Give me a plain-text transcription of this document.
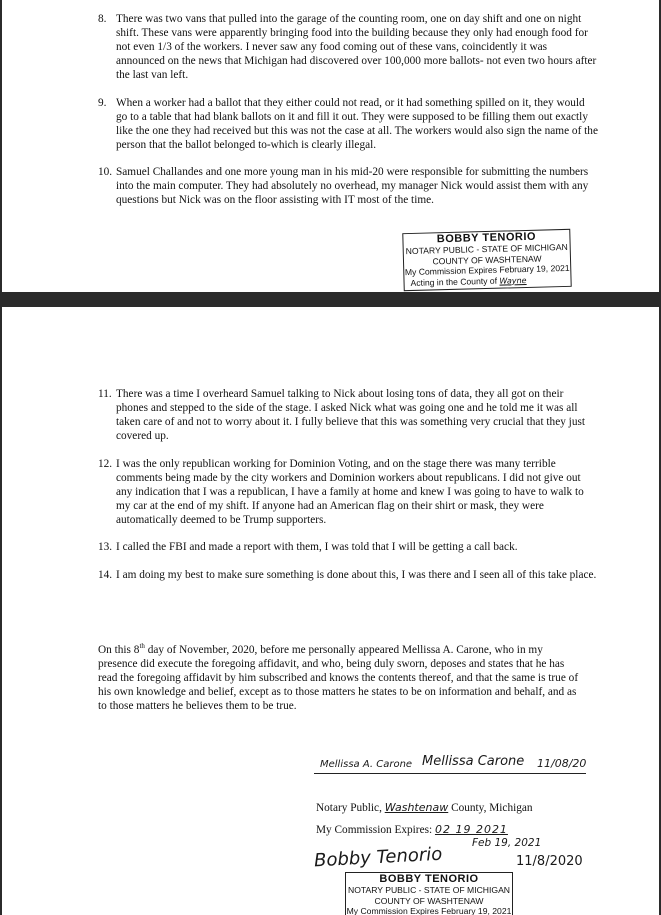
8. There was two vans that pulled into the garage of the counting room, one on day shift and one on night shift. These vans were apparently bringing food into the building because they only had enough food for not even 1/3 of the workers. I never saw any food coming out of these vans, coincidently it was announced on the news that Michigan had discovered over 100,000 more ballots- not even two hours after the last van left.
9. When a worker had a ballot that they either could not read, or it had something spilled on it, they would go to a table that had blank ballots on it and fill it out. They were supposed to be filling them out exactly like the one they had received but this was not the case at all. The workers would also sign the name of the person that the ballot belonged to-which is clearly illegal.
10. Samuel Challandes and one more young man in his mid-20 were responsible for submitting the numbers into the main computer. They had absolutely no overhead, my manager Nick would assist them with any questions but Nick was on the floor assisting with IT most of the time.
BOBBY TENORIO
NOTARY PUBLIC - STATE OF MICHIGAN
COUNTY OF WASHTENAW
My Commission Expires February 19, 2021
Acting in the County of Wayne
11. There was a time I overheard Samuel talking to Nick about losing tons of data, they all got on their phones and stepped to the side of the stage. I asked Nick what was going one and he told me it was all taken care of and not to worry about it. I fully believe that this was something very crucial that they just covered up.
12. I was the only republican working for Dominion Voting, and on the stage there was many terrible comments being made by the city workers and Dominion workers about republicans. I did not give out any indication that I was a republican, I have a family at home and knew I was going to have to walk to my car at the end of my shift. If anyone had an American flag on their shirt or mask, they were automatically deemed to be Trump supporters.
13. I called the FBI and made a report with them, I was told that I will be getting a call back.
14. I am doing my best to make sure something is done about this, I was there and I seen all of this take place.
On this 8th day of November, 2020, before me personally appeared Mellissa A. Carone, who in my presence did execute the foregoing affidavit, and who, being duly sworn, deposes and states that he has read the foregoing affidavit by him subscribed and knows the contents thereof, and that the same is true of his own knowledge and belief, except as to those matters he states to be on information and behalf, and as to those matters he believes them to be true.
Mellissa A. Carone Mellissa Carone 11/08/20
Notary Public, Washtenaw County, Michigan
My Commission Expires: 02 19 2021
Feb 19, 2021
Bobby Tenorio	11/8/2020
BOBBY TENORIO
NOTARY PUBLIC - STATE OF MICHIGAN
COUNTY OF WASHTENAW
My Commission Expires February 19, 2021
